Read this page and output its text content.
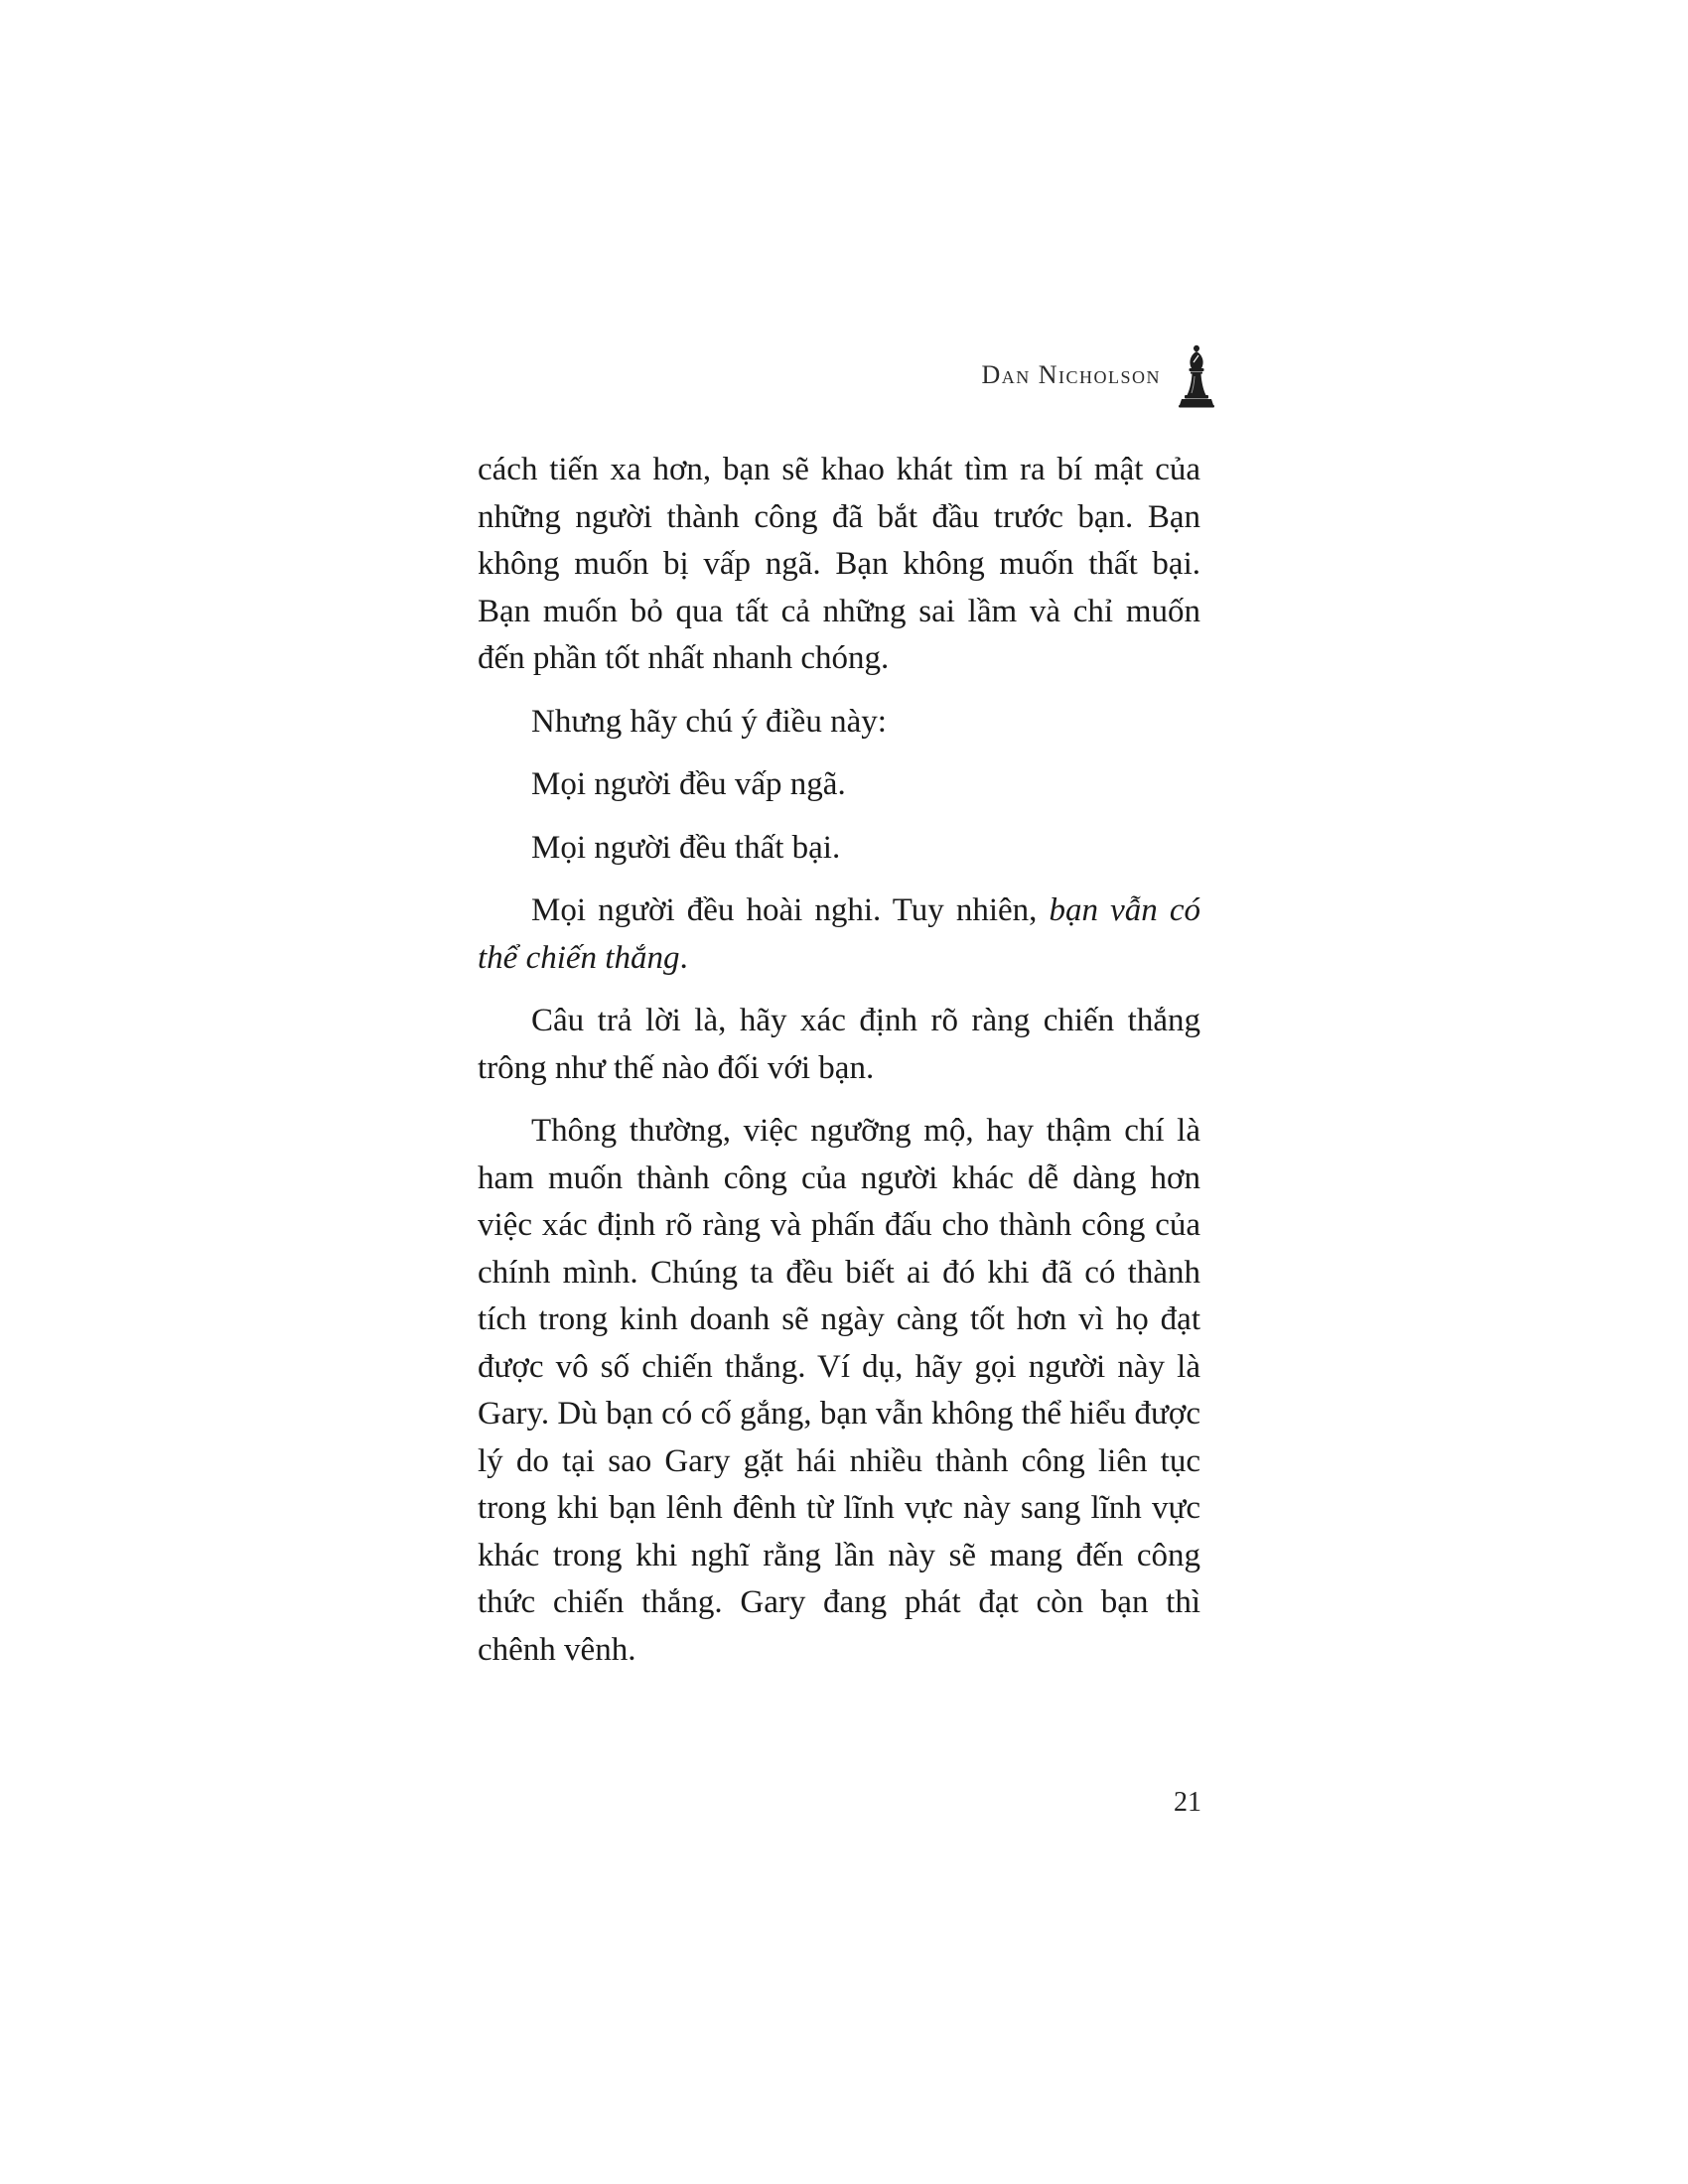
Dan Nicholson

cách tiến xa hơn, bạn sẽ khao khát tìm ra bí mật của những người thành công đã bắt đầu trước bạn. Bạn không muốn bị vấp ngã. Bạn không muốn thất bại. Bạn muốn bỏ qua tất cả những sai lầm và chỉ muốn đến phần tốt nhất nhanh chóng.

Nhưng hãy chú ý điều này:

Mọi người đều vấp ngã.

Mọi người đều thất bại.

Mọi người đều hoài nghi. Tuy nhiên, bạn vẫn có thể chiến thắng.

Câu trả lời là, hãy xác định rõ ràng chiến thắng trông như thế nào đối với bạn.

Thông thường, việc ngưỡng mộ, hay thậm chí là ham muốn thành công của người khác dễ dàng hơn việc xác định rõ ràng và phấn đấu cho thành công của chính mình. Chúng ta đều biết ai đó khi đã có thành tích trong kinh doanh sẽ ngày càng tốt hơn vì họ đạt được vô số chiến thắng. Ví dụ, hãy gọi người này là Gary. Dù bạn có cố gắng, bạn vẫn không thể hiểu được lý do tại sao Gary gặt hái nhiều thành công liên tục trong khi bạn lênh đênh từ lĩnh vực này sang lĩnh vực khác trong khi nghĩ rằng lần này sẽ mang đến công thức chiến thắng. Gary đang phát đạt còn bạn thì chênh vênh.

21
